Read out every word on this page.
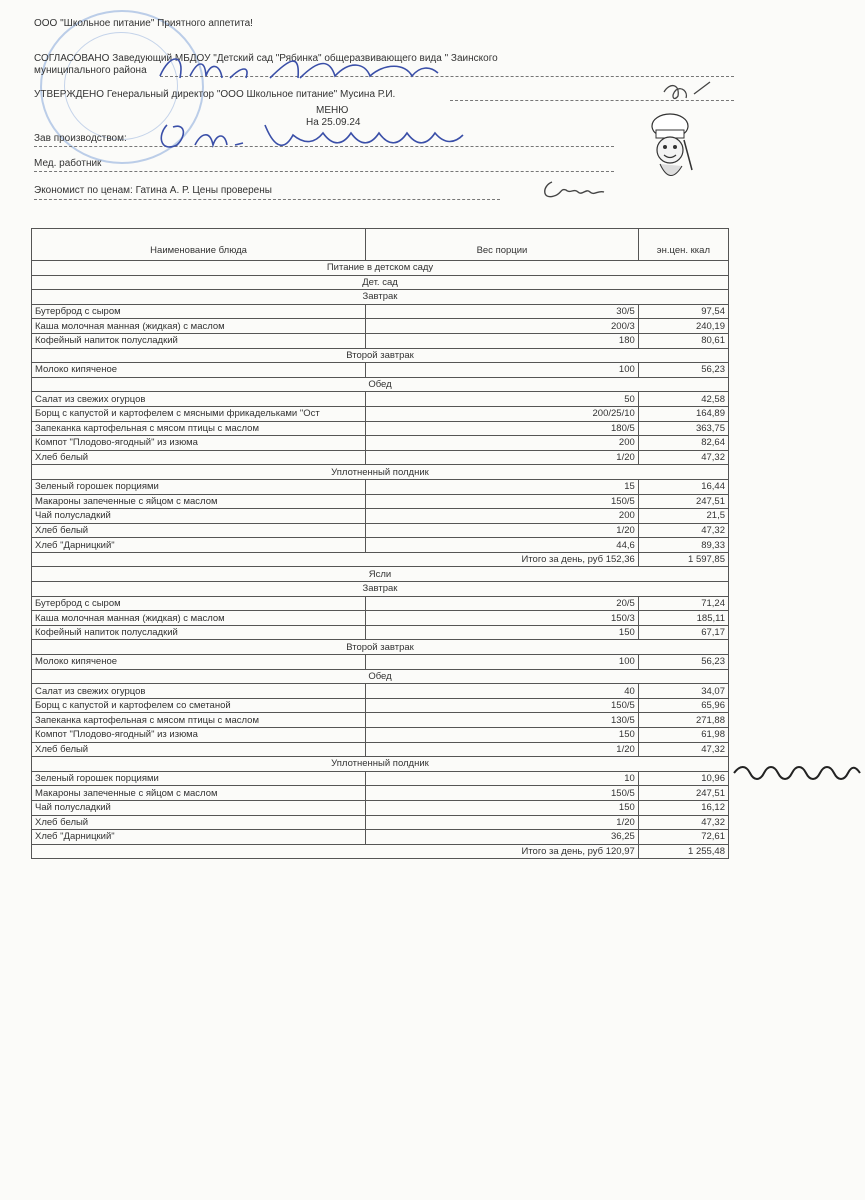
ООО "Школьное питание" Приятного аппетита!
СОГЛАСОВАНО Заведующий МБДОУ "Детский сад "Рябинка" общеразвивающего вида " Заинского
муниципального района
УТВЕРЖДЕНО Генеральный директор "ООО Школьное питание" Мусина Р.И.
МЕНЮ
На 25.09.24
Зав производством:
Мед. работник
Экономист по ценам: Гатина А. Р. Цены проверены
Наименование блюда	Вес порции	эн.цен. ккал
Питание в детском саду		
Дет. сад		
Завтрак		
Бутерброд с сыром	30/5	97,54
Каша молочная манная (жидкая) с маслом	200/3	240,19
Кофейный напиток полусладкий	180	80,61
Второй завтрак		
Молоко кипяченое	100	56,23
Обед		
Салат из свежих огурцов	50	42,58
Борщ с капустой и картофелем с мясными фрикадельками "Ост	200/25/10	164,89
Запеканка картофельная с мясом птицы с маслом	180/5	363,75
Компот "Плодово-ягодный" из изюма	200	82,64
Хлеб белый	1/20	47,32
Уплотненный полдник		
Зеленый горошек порциями	15	16,44
Макароны запеченные с яйцом с маслом	150/5	247,51
Чай полусладкий	200	21,5
Хлеб белый	1/20	47,32
Хлеб "Дарницкий"	44,6	89,33
Итого за день, руб 152,36		1 597,85
Ясли		
Завтрак		
Бутерброд с сыром	20/5	71,24
Каша молочная манная (жидкая) с маслом	150/3	185,11
Кофейный напиток полусладкий	150	67,17
Второй завтрак		
Молоко кипяченое	100	56,23
Обед		
Салат из свежих огурцов	40	34,07
Борщ с капустой и картофелем со сметаной	150/5	65,96
Запеканка картофельная с мясом птицы с маслом	130/5	271,88
Компот "Плодово-ягодный" из изюма	150	61,98
Хлеб белый	1/20	47,32
Уплотненный полдник		
Зеленый горошек порциями	10	10,96
Макароны запеченные с яйцом с маслом	150/5	247,51
Чай полусладкий	150	16,12
Хлеб белый	1/20	47,32
Хлеб "Дарницкий"	36,25	72,61
Итого за день, руб 120,97		1 255,48
